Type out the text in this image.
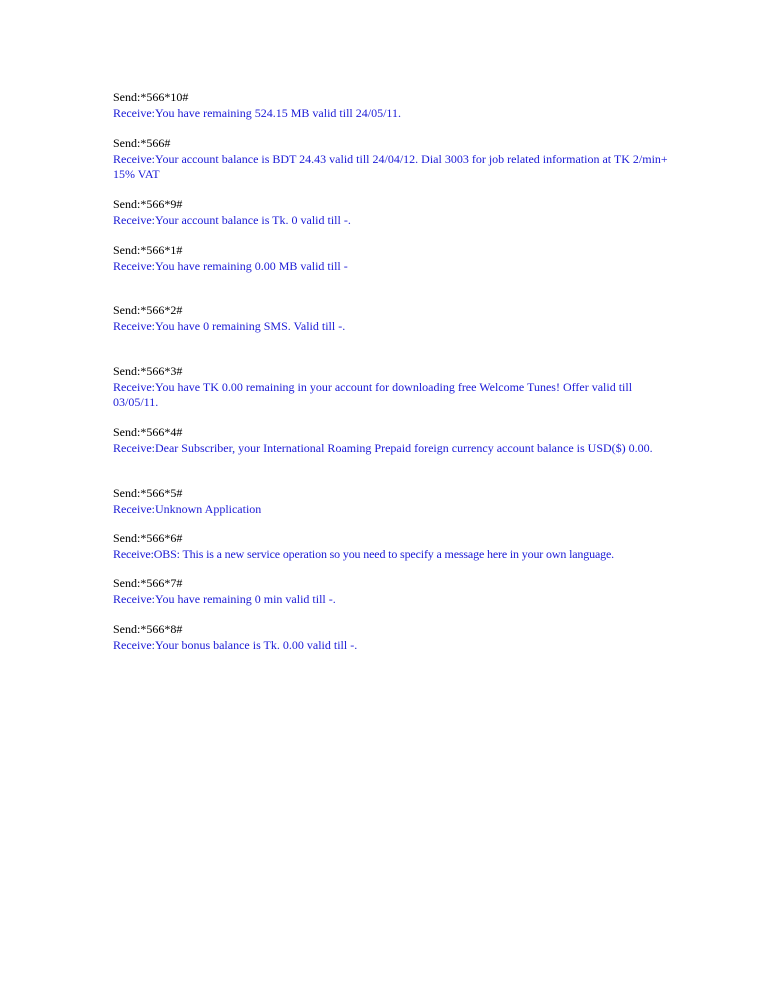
Send:*566*10#
Receive:You have remaining 524.15 MB valid till 24/05/11.
Send:*566#
Receive:Your account balance is BDT 24.43 valid till 24/04/12. Dial 3003 for job related information at TK 2/min+ 15% VAT
Send:*566*9#
Receive:Your account balance is Tk. 0 valid till -.
Send:*566*1#
Receive:You have remaining 0.00 MB valid till -
Send:*566*2#
Receive:You have 0 remaining SMS. Valid till -.
Send:*566*3#
Receive:You have TK 0.00 remaining in your account for downloading free Welcome Tunes! Offer valid till 03/05/11.
Send:*566*4#
Receive:Dear Subscriber, your International Roaming Prepaid foreign currency account balance is USD($) 0.00.
Send:*566*5#
Receive:Unknown Application
Send:*566*6#
Receive:OBS: This is a new service operation so you need to specify a message here in your own language.
Send:*566*7#
Receive:You have remaining 0 min valid till -.
Send:*566*8#
Receive:Your bonus balance is Tk. 0.00 valid till -.
